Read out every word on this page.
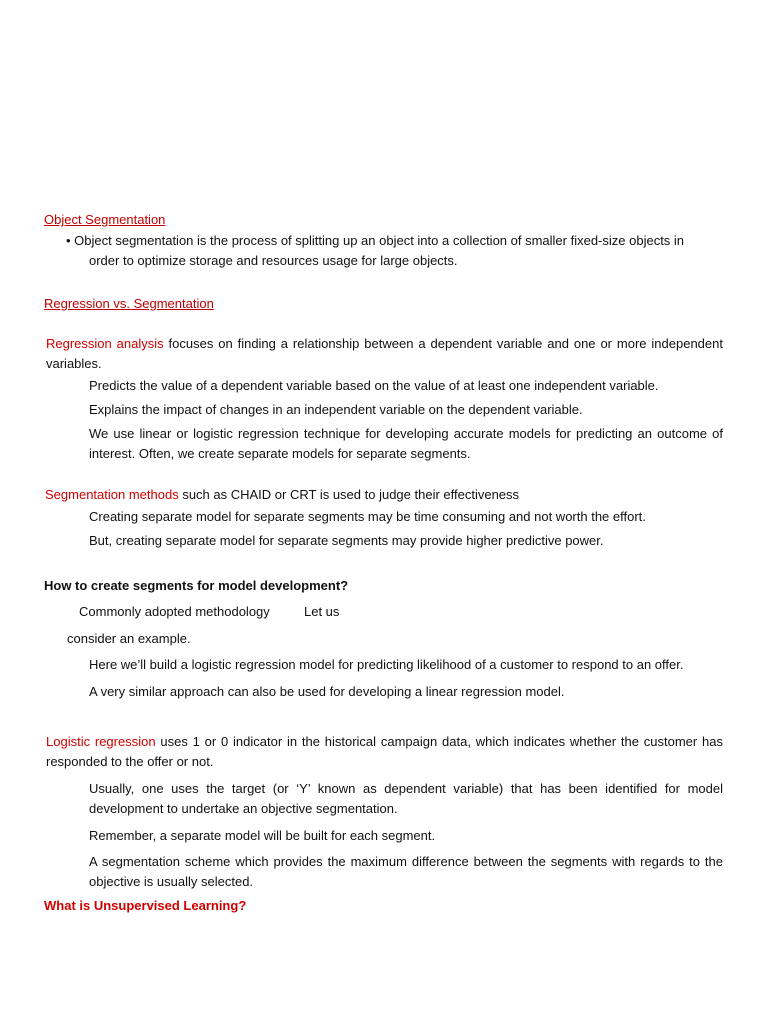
Object Segmentation

• Object segmentation is the process of splitting up an object into a collection of smaller fixed-size objects in

order to optimize storage and resources usage for large objects.

Regression vs. Segmentation

Regression analysis focuses on finding a relationship between a dependent variable and one or more independent variables.

Predicts the value of a dependent variable based on the value of at least one independent variable.

Explains the impact of changes in an independent variable on the dependent variable.

We use linear or logistic regression technique for developing accurate models for predicting an outcome of interest. Often, we create separate models for separate segments.

Segmentation methods such as CHAID or CRT is used to judge their effectiveness

Creating separate model for separate segments may be time consuming and not worth the effort.

But, creating separate model for separate segments may provide higher predictive power.

How to create segments for model development?

Commonly adopted methodology	Let us

consider an example.

Here we’ll build a logistic regression model for predicting likelihood of a customer to respond to an offer.

A very similar approach can also be used for developing a linear regression model.

Logistic regression uses 1 or 0 indicator in the historical campaign data, which indicates whether the customer has responded to the offer or not.

Usually, one uses the target (or ‘Y’ known as dependent variable) that has been identified for model development to undertake an objective segmentation.

Remember, a separate model will be built for each segment.

A segmentation scheme which provides the maximum difference between the segments with regards to the objective is usually selected.

What is Unsupervised Learning?
